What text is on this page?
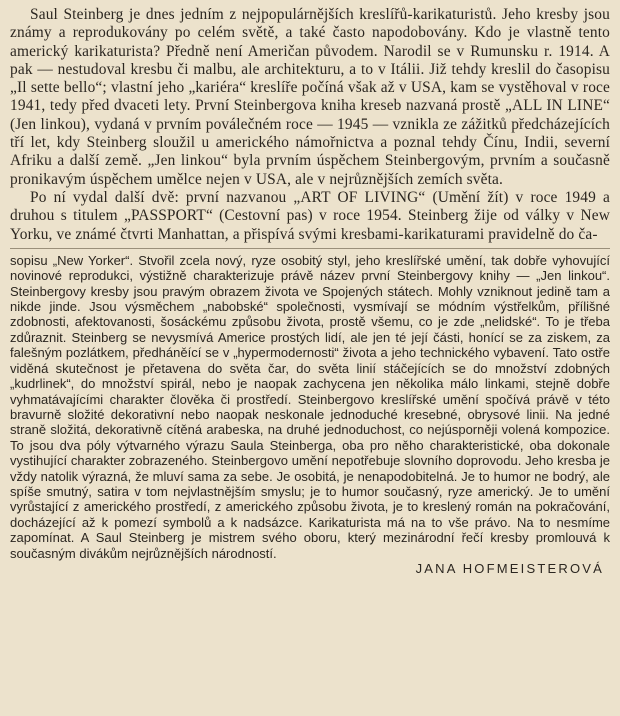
Saul Steinberg je dnes jedním z nejpopulárnějších kreslířů-karikaturistů. Jeho kresby jsou známy a reprodukovány po celém světě, a také často napodobovány. Kdo je vlastně tento americký karikaturista? Předně není Američan původem. Narodil se v Rumunsku r. 1914. A pak — nestudoval kresbu či malbu, ale architekturu, a to v Itálii. Již tehdy kreslil do časopisu „Il sette bello“; vlastní jeho „kariéra“ kreslíře počíná však až v USA, kam se vystěhoval v roce 1941, tedy před dvaceti lety. První Steinbergova kniha kreseb nazvaná prostě „ALL IN LINE“ (Jen linkou), vydaná v prvním poválečném roce — 1945 — vznikla ze zážitků předcházejících tří let, kdy Steinberg sloužil u amerického námořnictva a poznal tehdy Čínu, Indii, severní Afriku a další země. „Jen linkou“ byla prvním úspěchem Steinbergovým, prvním a současně pronikavým úspěchem umělce nejen v USA, ale v nejrůznějších zemích světa.

Po ní vydal další dvě: první nazvanou „ART OF LIVING“ (Umění žít) v roce 1949 a druhou s titulem „PASSPORT“ (Cestovní pas) v roce 1954. Steinberg žije od války v New Yorku, ve známé čtvrti Manhattan, a přispívá svými kresbami-karikaturami pravidelně do ča-

sopisu „New Yorker“. Stvořil zcela nový, ryze osobitý styl, jeho kreslířské umění, tak dobře vyhovující novinové reprodukci, výstižně charakterizuje právě název první Steinbergovy knihy — „Jen linkou“. Steinbergovy kresby jsou pravým obrazem života ve Spojených státech. Mohly vzniknout jedině tam a nikde jinde. Jsou výsměchem „nabobské“ společnosti, vysmívají se módním výstřelkům, přílišné zdobnosti, afektovanosti, šosáckému způsobu života, prostě všemu, co je zde „nelidské“. To je třeba zdůraznit. Steinberg se nevysmívá Americe prostých lidí, ale jen té její části, honící se za ziskem, za falešným pozlátkem, předháněící se v „hypermodernosti“ života a jeho technického vybavení. Tato ostře viděná skutečnost je přetavena do světa čar, do světa linií stáčejících se do množství zdobných „kudrlinek“, do množství spirál, nebo je naopak zachycena jen několika málo linkami, stejně dobře vyhmatávajícími charakter člověka či prostředí. Steinbergovo kreslířské umění spočívá právě v této bravurně složité dekorativní nebo naopak neskonale jednoduché kresebné, obrysové linii. Na jedné straně složitá, dekorativně cítěná arabeska, na druhé jednoduchost, co nejúsporněji volená kompozice. To jsou dva póly výtvarného výrazu Saula Steinberga, oba pro něho charakteristické, oba dokonale vystihující charakter zobrazeného. Steinbergovo umění nepotřebuje slovního doprovodu. Jeho kresba je vždy natolik výrazná, že mluví sama za sebe. Je osobitá, je nenapodobitelná. Je to humor ne bodrý, ale spíše smutný, satira v tom nejvlastnějším smyslu; je to humor současný, ryze americký. Je to umění vyrůstající z amerického prostředí, z amerického způsobu života, je to kreslený román na pokračování, docházející až k pomezí symbolů a k nadsázce. Karikaturista má na to vše právo. Na to nesmíme zapomínat. A Saul Steinberg je mistrem svého oboru, který mezinárodní řečí kresby promlouvá k současným divákům nejrůznějších národností.

JANA HOFMEISTEROVÁ
